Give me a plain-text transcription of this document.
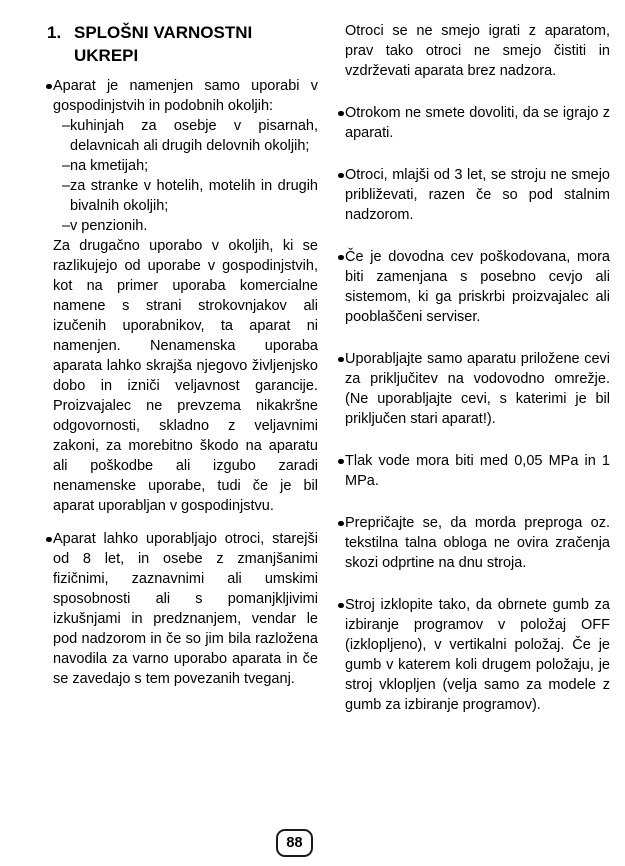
1. SPLOŠNI VARNOSTNI UKREPI

Aparat je namenjen samo uporabi v gospodinjstvih in podobnih okoljih:

– kuhinjah za osebje v pisarnah, delavnicah ali drugih delovnih okoljih;

– na kmetijah;

– za stranke v hotelih, motelih in drugih bivalnih okoljih;

– v penzionih.

Za drugačno uporabo v okoljih, ki se razlikujejo od uporabe v gospodinjstvih, kot na primer uporaba komercialne namene s strani strokovnjakov ali izučenih uporabnikov, ta aparat ni namenjen. Nenamenska uporaba aparata lahko skrajša njegovo življenjsko dobo in izniči veljavnost garancije. Proizvajalec ne prevzema nikakršne odgovornosti, skladno z veljavnimi zakoni, za morebitno škodo na aparatu ali poškodbe ali izgubo zaradi nenamenske uporabe, tudi če je bil aparat uporabljan v gospodinjstvu.

Aparat lahko uporabljajo otroci, starejši od 8 let, in osebe z zmanjšanimi fizičnimi, zaznavnimi ali umskimi sposobnosti ali s pomanjkljivimi izkušnjami in predznanjem, vendar le pod nadzorom in če so jim bila razložena navodila za varno uporabo aparata in če se zavedajo s tem povezanih tveganj.

Otroci se ne smejo igrati z aparatom, prav tako otroci ne smejo čistiti in vzdrževati aparata brez nadzora.

Otrokom ne smete dovoliti, da se igrajo z aparati.

Otroci, mlajši od 3 let, se stroju ne smejo približevati, razen če so pod stalnim nadzorom.

Če je dovodna cev poškodovana, mora biti zamenjana s posebno cevjo ali sistemom, ki ga priskrbi proizvajalec ali pooblaščeni serviser.

Uporabljajte samo aparatu priložene cevi za priključitev na vodovodno omrežje. (Ne uporabljajte cevi, s katerimi je bil priključen stari aparat!).

Tlak vode mora biti med 0,05 MPa in 1 MPa.

Prepričajte se, da morda preproga oz. tekstilna talna obloga ne ovira zračenja skozi odprtine na dnu stroja.

Stroj izklopite tako, da obrnete gumb za izbiranje programov v položaj OFF (izklopljeno), v vertikalni položaj. Če je gumb v katerem koli drugem položaju, je stroj vklopljen (velja samo za modele z gumb za izbiranje programov).

88
